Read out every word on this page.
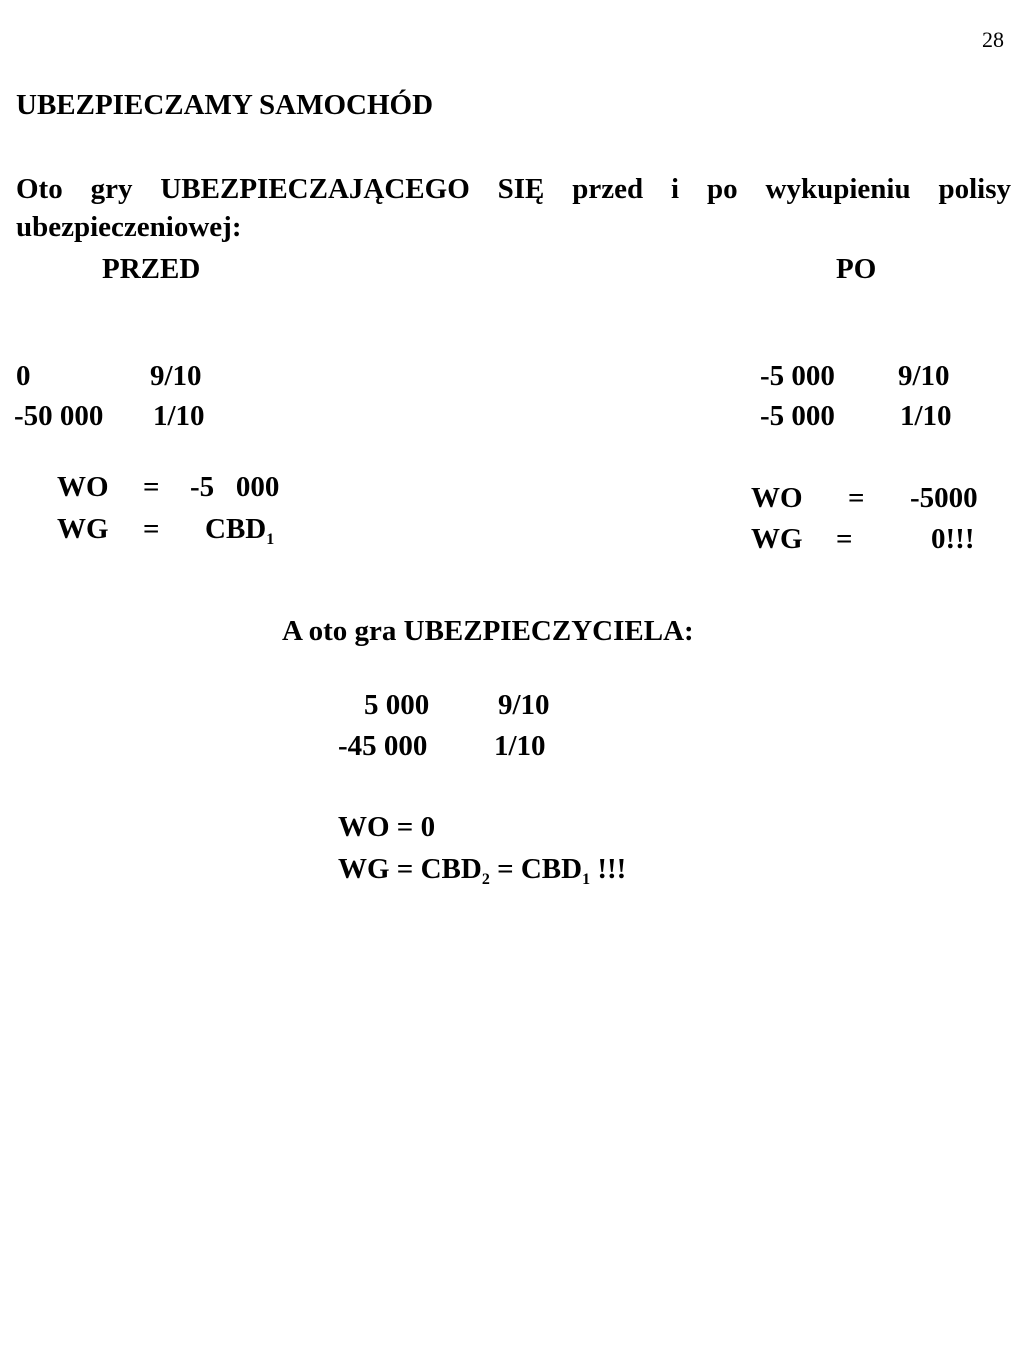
28
UBEZPIECZAMY SAMOCHÓD
Oto gry UBEZPIECZAJĄCEGO SIĘ przed i po wykupieniu polisy ubezpieczeniowej:
PRZED
0	9/10
-50 000 1/10
WO = -5   000
WG = $CBD_1$
PO
-5 000 9/10
-5 000 1/10
WO = -5000
WG =	0!!!
A oto gra UBEZPIECZYCIELA:
5 000 9/10
-45 000 1/10
WO = 0
WG = $CBD_2 = CBD_1$ !!!
